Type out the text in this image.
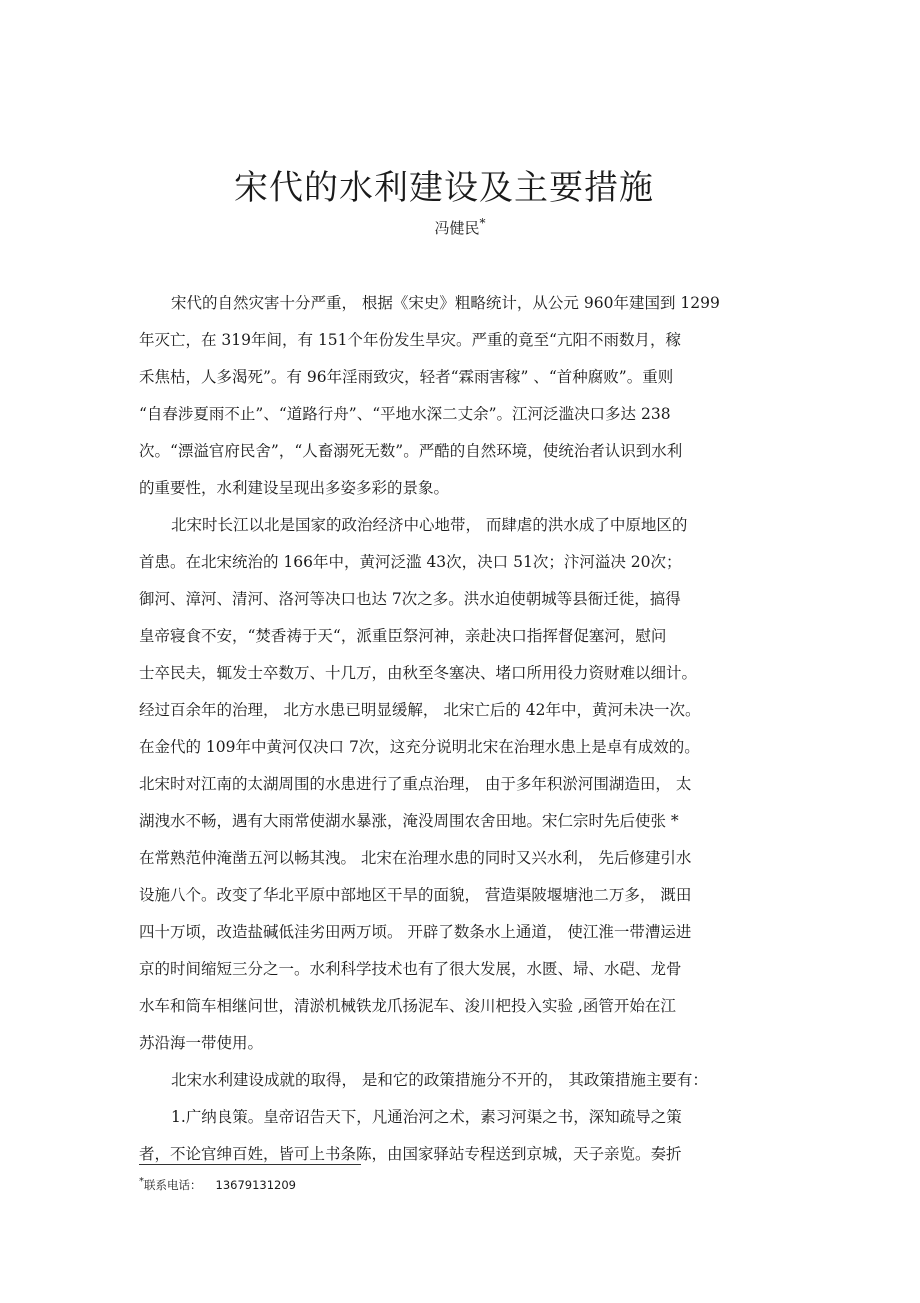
宋代的水利建设及主要措施
冯健民*
宋代的自然灾害十分严重， 根据《宋史》粗略统计，从公元 960年建国到 1299
年灭亡，在 319年间，有 151个年份发生旱灾。严重的竟至“亢阳不雨数月，稼
禾焦枯，人多渴死”。有 96年淫雨致灾，轻者“霖雨害稼” 、“首种腐败”。重则
“自春涉夏雨不止”、“道路行舟”、“平地水深二丈余”。江河泛滥决口多达 238
次。“漂溢官府民舍”，“人畜溺死无数”。严酷的自然环境，使统治者认识到水利
的重要性，水利建设呈现出多姿多彩的景象。
北宋时长江以北是国家的政治经济中心地带， 而肆虐的洪水成了中原地区的
首患。在北宋统治的 166年中，黄河泛滥 43次，决口 51次；汴河溢决 20次；
御河、漳河、清河、洛河等决口也达 7次之多。洪水迫使朝城等县衙迁徙，搞得
皇帝寝食不安，“焚香祷于天“，派重臣祭河神，亲赴决口指挥督促塞河，慰问
士卒民夫，辄发士卒数万、十几万，由秋至冬塞决、堵口所用役力资财难以细计。
经过百余年的治理， 北方水患已明显缓解， 北宋亡后的 42年中，黄河未决一次。
在金代的 109年中黄河仅决口 7次，这充分说明北宋在治理水患上是卓有成效的。
北宋时对江南的太湖周围的水患进行了重点治理， 由于多年积淤河围湖造田， 太
湖洩水不畅，遇有大雨常使湖水暴涨，淹没周围农舍田地。宋仁宗时先后使张 *
在常熟范仲淹凿五河以畅其洩。 北宋在治理水患的同时又兴水利， 先后修建引水
设施八个。改变了华北平原中部地区干旱的面貌， 营造渠陂堰塘池二万多， 溉田
四十万顷，改造盐碱低洼劣田两万顷。 开辟了数条水上通道， 使江淮一带漕运进
京的时间缩短三分之一。水利科学技术也有了很大发展，水匮、埽、水硙、龙骨
水车和筒车相继问世，清淤机械铁龙爪扬泥车、浚川杷投入实验 ,函管开始在江
苏沿海一带使用。
北宋水利建设成就的取得， 是和它的政策措施分不开的， 其政策措施主要有：
1.广纳良策。皇帝诏告天下，凡通治河之术，素习河渠之书，深知疏导之策
者，不论官绅百姓，皆可上书条陈，由国家驿站专程送到京城，天子亲览。奏折
*联系电话： 13679131209
